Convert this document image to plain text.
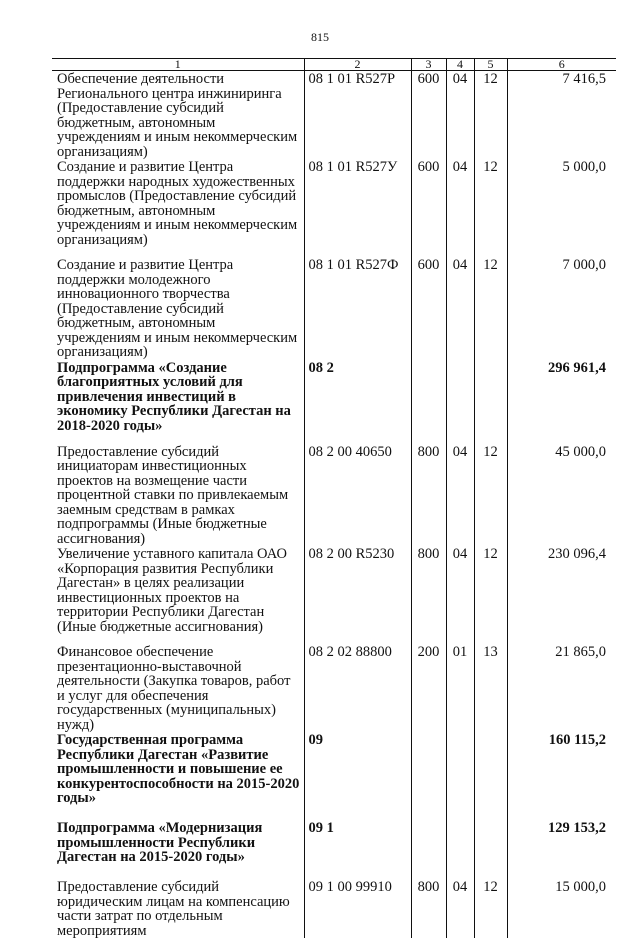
815
1	2	3	4	5	6
Обеспечение деятельности Регионального центра инжиниринга (Предоставление субсидий бюджетным, автономным учреждениям и иным некоммерческим организациям)	08 1 01 R527P	600	04	12	7 416,5
Создание и развитие Центра поддержки народных художественных промыслов (Предоставление субсидий бюджетным, автономным учреждениям и иным некоммерческим организациям)	08 1 01 R527У	600	04	12	5 000,0
Создание и развитие Центра поддержки молодежного инновационного творчества (Предоставление субсидий бюджетным, автономным учреждениям и иным некоммерческим организациям)	08 1 01 R527Ф	600	04	12	7 000,0
Подпрограмма «Создание благоприятных условий для привлечения инвестиций в экономику Республики Дагестан на 2018-2020 годы»	08 2				296 961,4
Предоставление субсидий инициаторам инвестиционных проектов на возмещение части процентной ставки по привлекаемым заемным средствам в рамках подпрограммы (Иные бюджетные ассигнования)	08 2 00 40650	800	04	12	45 000,0
Увеличение уставного капитала ОАО «Корпорация развития Республики Дагестан» в целях реализации инвестиционных проектов на территории Республики Дагестан (Иные бюджетные ассигнования)	08 2 00 R5230	800	04	12	230 096,4
Финансовое обеспечение презентационно-выставочной деятельности (Закупка товаров, работ и услуг для обеспечения государственных (муниципальных) нужд)	08 2 02 88800	200	01	13	21 865,0
Государственная программа Республики Дагестан «Развитие промышленности и повышение ее конкурентоспособности на 2015-2020 годы»	09				160 115,2
Подпрограмма «Модернизация промышленности Республики Дагестан на 2015-2020 годы»	09 1				129 153,2
Предоставление субсидий юридическим лицам на компенсацию части затрат по отдельным мероприятиям	09 1 00 99910	800	04	12	15 000,0
